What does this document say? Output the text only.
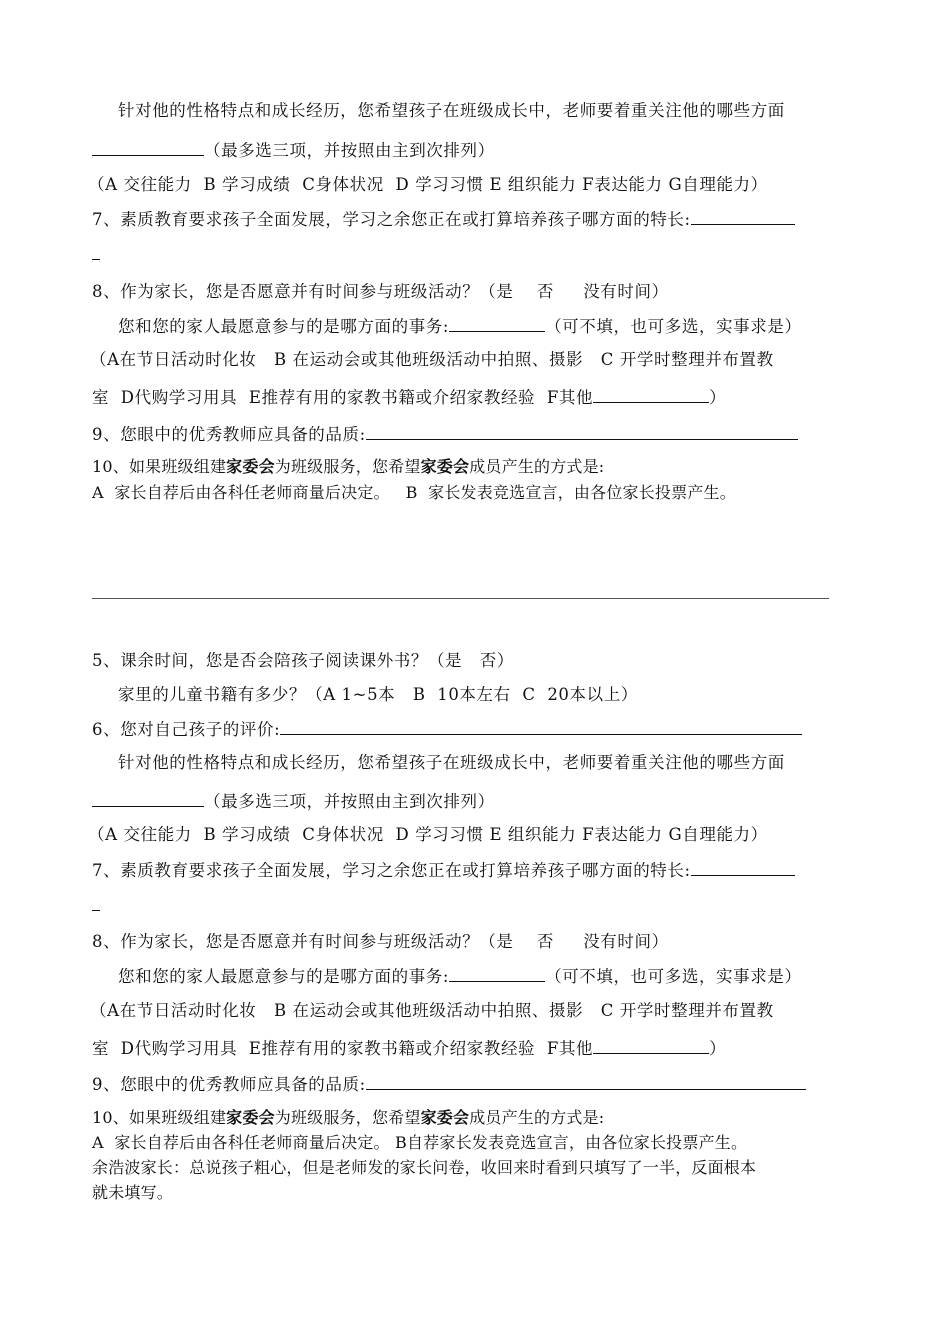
针对他的性格特点和成长经历，您希望孩子在班级成长中，老师要着重关注他的哪些方面
（最多选三项，并按照由主到次排列）
（A 交往能力  B 学习成绩  C身体状况  D 学习习惯 E 组织能力 F表达能力 G自理能力）
7、素质教育要求孩子全面发展，学习之余您正在或打算培养孩子哪方面的特长:
8、作为家长，您是否愿意并有时间参与班级活动？（是    否     没有时间）
您和您的家人最愿意参与的是哪方面的事务:	（可不填，也可多选，实事求是）
（A在节日活动时化妆   B 在运动会或其他班级活动中拍照、摄影   C 开学时整理并布置教
室  D代购学习用具  E推荐有用的家教书籍或介绍家教经验  F其他	）
9、您眼中的优秀教师应具备的品质:
10、如果班级组建家委会为班级服务，您希望家委会成员产生的方式是:
A  家长自荐后由各科任老师商量后决定。   B  家长发表竞选宣言，由各位家长投票产生。
5、课余时间，您是否会陪孩子阅读课外书？（是   否）
家里的儿童书籍有多少？（A 1~5本   B  10本左右  C  20本以上）
6、您对自己孩子的评价:
针对他的性格特点和成长经历，您希望孩子在班级成长中，老师要着重关注他的哪些方面
（最多选三项，并按照由主到次排列）
（A 交往能力  B 学习成绩  C身体状况  D 学习习惯 E 组织能力 F表达能力 G自理能力）
7、素质教育要求孩子全面发展，学习之余您正在或打算培养孩子哪方面的特长:
8、作为家长，您是否愿意并有时间参与班级活动？（是    否     没有时间）
您和您的家人最愿意参与的是哪方面的事务:	（可不填，也可多选，实事求是）
（A在节日活动时化妆   B 在运动会或其他班级活动中拍照、摄影   C 开学时整理并布置教
室  D代购学习用具  E推荐有用的家教书籍或介绍家教经验  F其他	）
9、您眼中的优秀教师应具备的品质:
10、如果班级组建家委会为班级服务，您希望家委会成员产生的方式是:
A  家长自荐后由各科任老师商量后决定。 B自荐家长发表竞选宣言，由各位家长投票产生。
余浩波家长：总说孩子粗心，但是老师发的家长问卷，收回来时看到只填写了一半，反面根本
就未填写。
